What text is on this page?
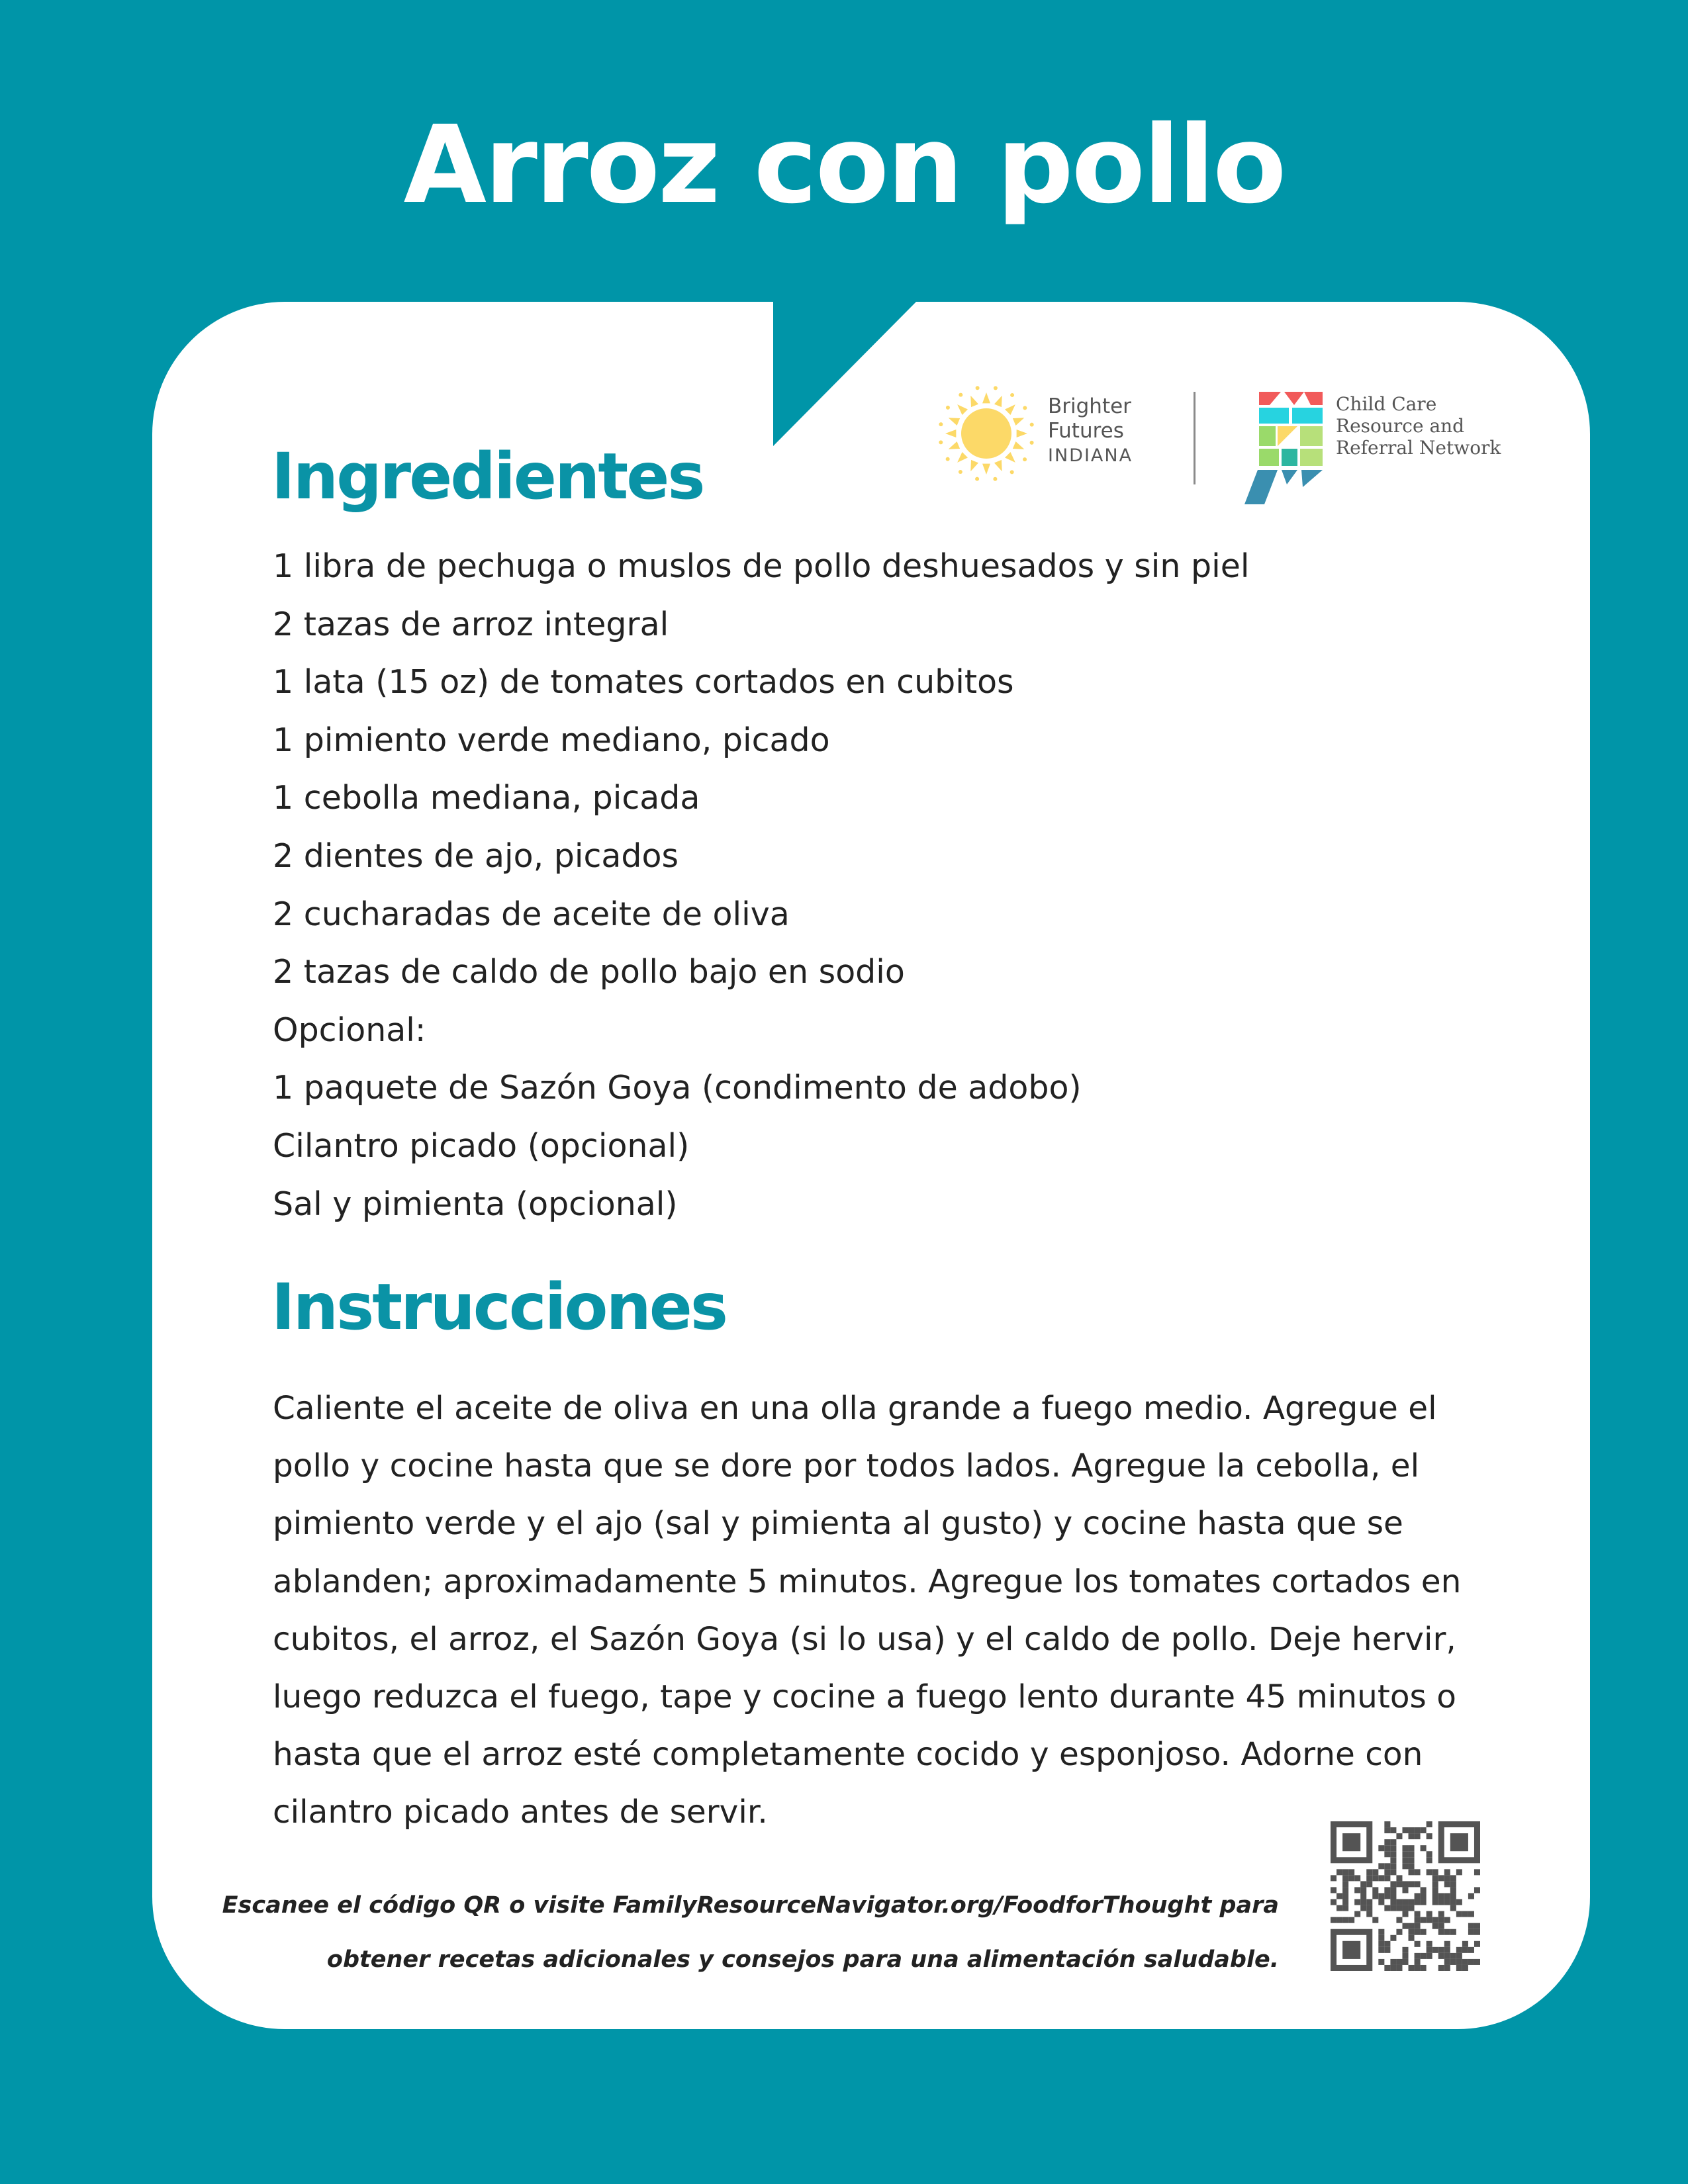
Arroz con pollo
Brighter
Futures
INDIANA
Child Care
Resource and
Referral Network
Ingredientes
1 libra de pechuga o muslos de pollo deshuesados y sin piel
2 tazas de arroz integral
1 lata (15 oz) de tomates cortados en cubitos
1 pimiento verde mediano, picado
1 cebolla mediana, picada
2 dientes de ajo, picados
2 cucharadas de aceite de oliva
2 tazas de caldo de pollo bajo en sodio
Opcional:
1 paquete de Sazón Goya (condimento de adobo)
Cilantro picado (opcional)
Sal y pimienta (opcional)
Instrucciones

Caliente el aceite de oliva en una olla grande a fuego medio. Agregue el pollo y cocine hasta que se dore por todos lados. Agregue la cebolla, el pimiento verde y el ajo (sal y pimienta al gusto) y cocine hasta que se ablanden; aproximadamente 5 minutos. Agregue los tomates cortados en cubitos, el arroz, el Sazón Goya (si lo usa) y el caldo de pollo. Deje hervir, luego reduzca el fuego, tape y cocine a fuego lento durante 45 minutos o hasta que el arroz esté completamente cocido y esponjoso. Adorne con cilantro picado antes de servir.

Escanee el código QR o visite FamilyResourceNavigator.org/FoodforThought para
obtener recetas adicionales y consejos para una alimentación saludable.
